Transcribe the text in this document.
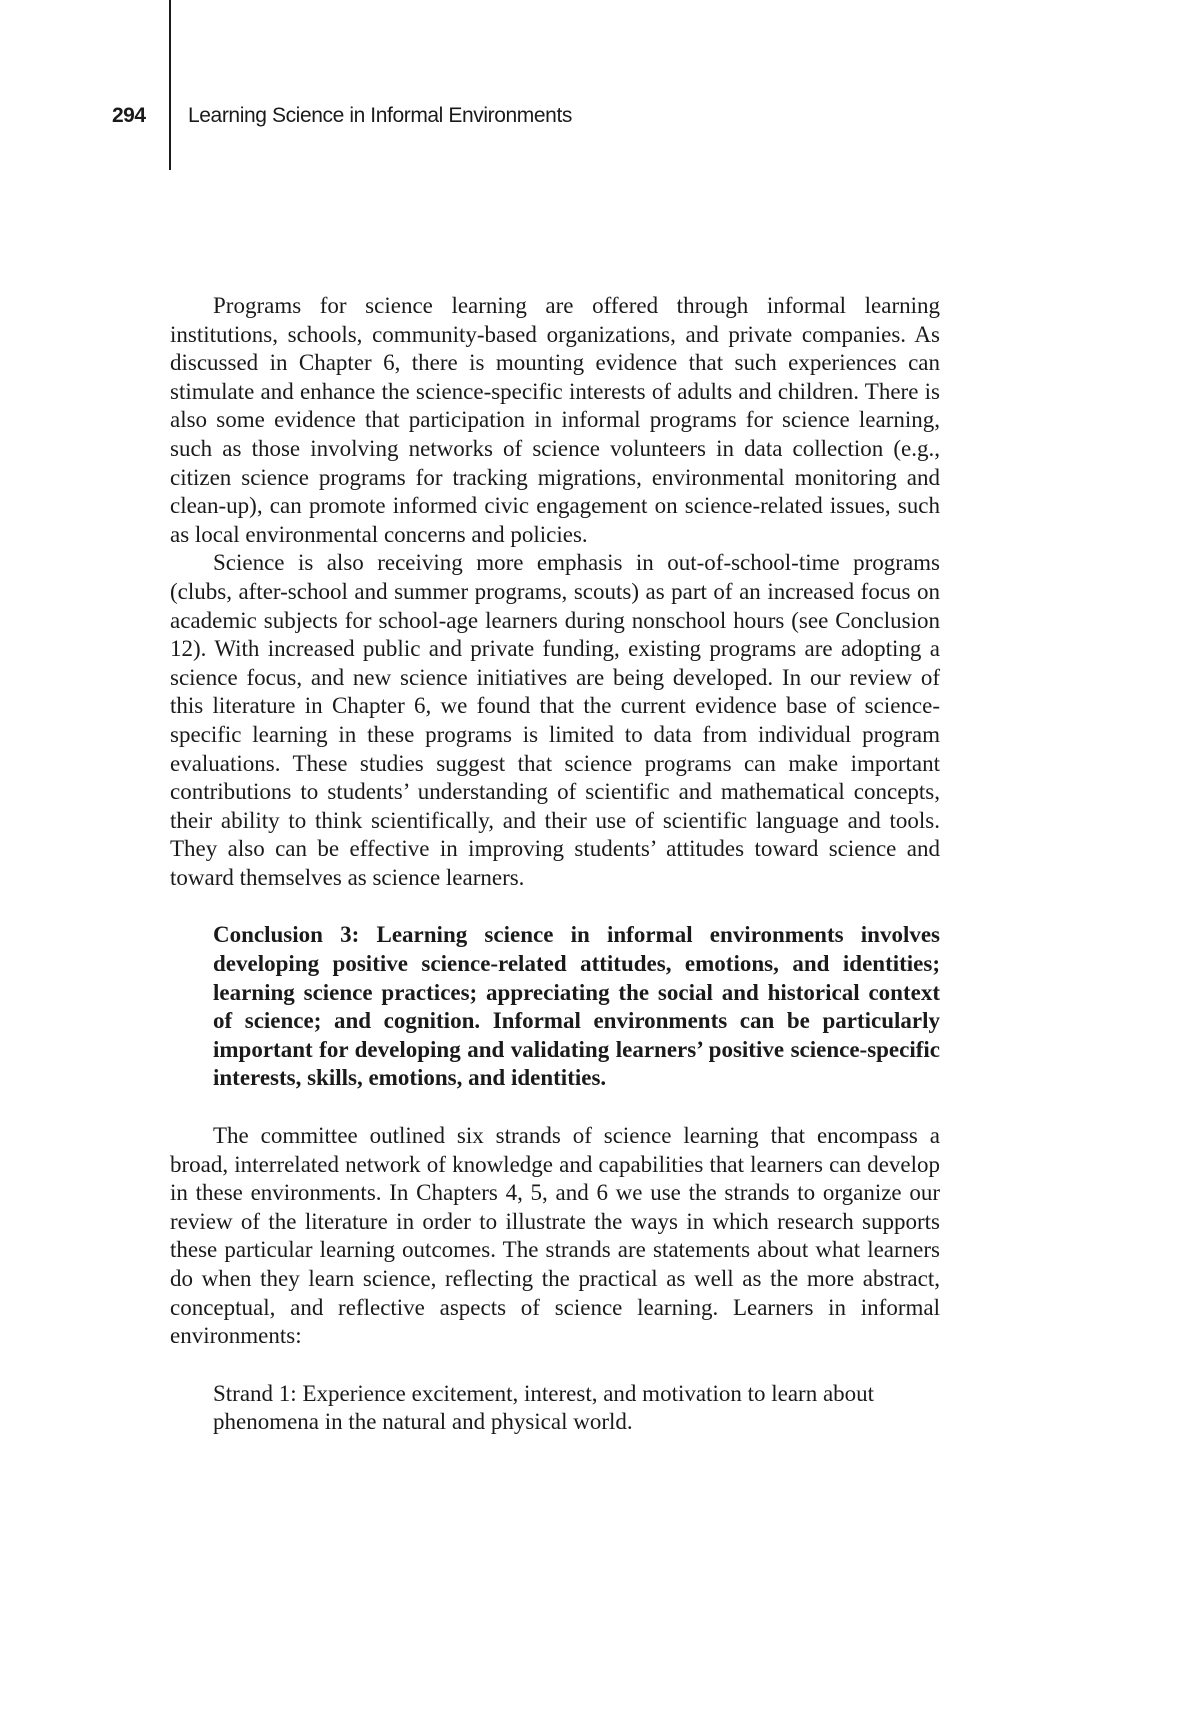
294 Learning Science in Informal Environments

Programs for science learning are offered through informal learning institutions, schools, community-based organizations, and private companies. As discussed in Chapter 6, there is mounting evidence that such experiences can stimulate and enhance the science-specific interests of adults and children. There is also some evidence that participation in informal programs for science learning, such as those involving networks of science volunteers in data collection (e.g., citizen science programs for tracking migrations, environmental monitoring and clean-up), can promote informed civic engagement on science-related issues, such as local environmental concerns and policies.

Science is also receiving more emphasis in out-of-school-time programs (clubs, after-school and summer programs, scouts) as part of an increased focus on academic subjects for school-age learners during nonschool hours (see Conclusion 12). With increased public and private funding, existing programs are adopting a science focus, and new science initiatives are being developed. In our review of this literature in Chapter 6, we found that the current evidence base of science-specific learning in these programs is limited to data from individual program evaluations. These studies suggest that science programs can make important contributions to students’ understanding of scientific and mathematical concepts, their ability to think scientifically, and their use of scientific language and tools. They also can be effective in improving students’ attitudes toward science and toward themselves as science learners.

Conclusion 3: Learning science in informal environments involves developing positive science-related attitudes, emotions, and identities; learning science practices; appreciating the social and historical context of science; and cognition. Informal environments can be particularly important for developing and validating learners’ positive science-specific interests, skills, emotions, and identities.

The committee outlined six strands of science learning that encompass a broad, interrelated network of knowledge and capabilities that learners can develop in these environments. In Chapters 4, 5, and 6 we use the strands to organize our review of the literature in order to illustrate the ways in which research supports these particular learning outcomes. The strands are statements about what learners do when they learn science, reflecting the practical as well as the more abstract, conceptual, and reflective aspects of science learning. Learners in informal environments:

Strand 1: Experience excitement, interest, and motivation to learn about phenomena in the natural and physical world.
